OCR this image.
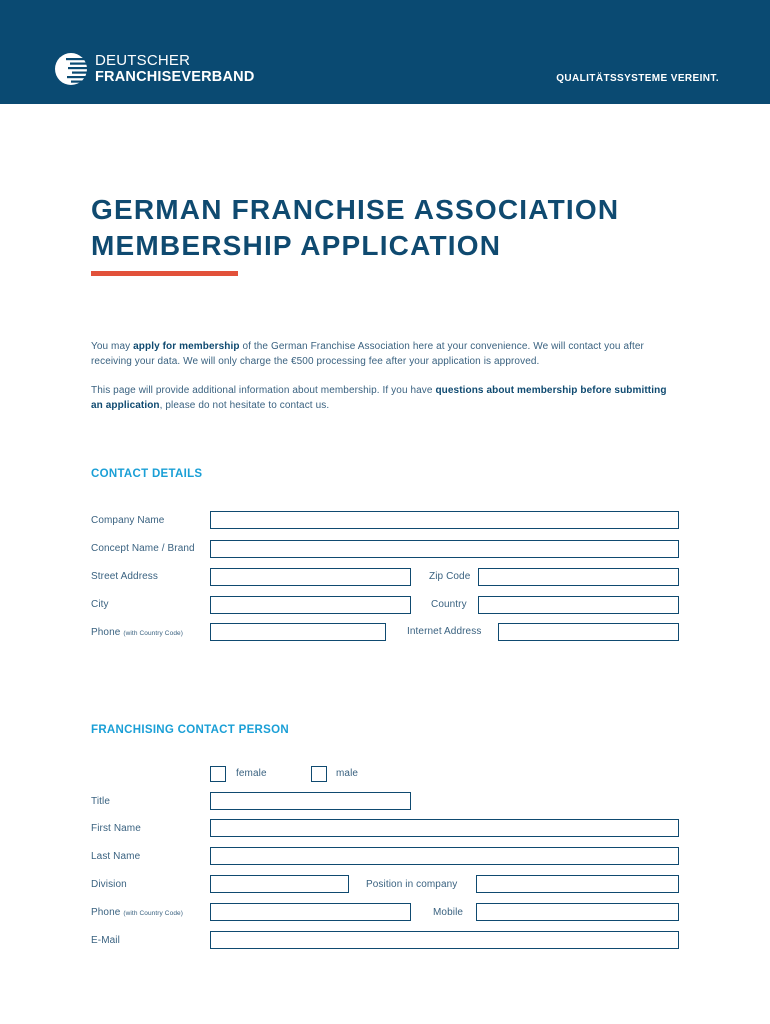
DEUTSCHER
FRANCHISEVERBAND	QUALITÄTSSYSTEME VEREINT.
GERMAN FRANCHISE ASSOCIATION
MEMBERSHIP APPLICATION

You may apply for membership of the German Franchise Association here at your convenience. We will contact you after receiving your data. We will only charge the €500 processing fee after your application is approved.

This page will provide additional information about membership. If you have questions about membership before submitting an application, please do not hesitate to contact us.

CONTACT DETAILS
Company Name
Concept Name / Brand
Street Address	Zip Code
City	Country
Phone (with Country Code)	Internet Address
FRANCHISING CONTACT PERSON
female	male
Title
First Name
Last Name
Division	Position in company
Phone (with Country Code)	Mobile
E-Mail
